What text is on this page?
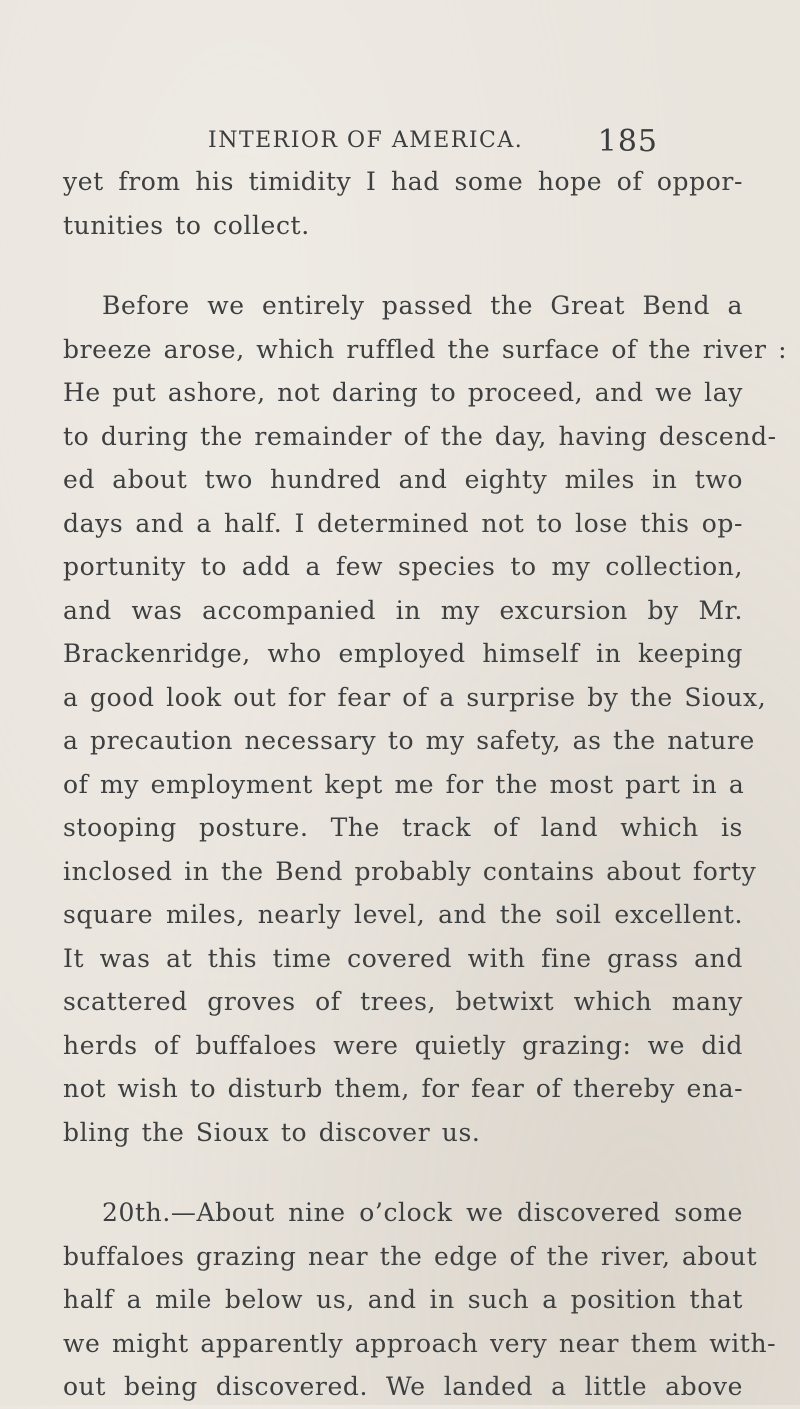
INTERIOR OF AMERICA. 185
yet from his timidity I had some hope of oppor-
tunities to collect.
Before we entirely passed the Great Bend a
breeze arose, which ruffled the surface of the river :
He put ashore, not daring to proceed, and we lay
to during the remainder of the day, having descend-
ed about two hundred and eighty miles in two
days and a half. I determined not to lose this op-
portunity to add a few species to my collection,
and was accompanied in my excursion by Mr.
Brackenridge, who employed himself in keeping
a good look out for fear of a surprise by the Sioux,
a precaution necessary to my safety, as the nature
of my employment kept me for the most part in a
stooping posture. The track of land which is
inclosed in the Bend probably contains about forty
square miles, nearly level, and the soil excellent.
It was at this time covered with fine grass and
scattered groves of trees, betwixt which many
herds of buffaloes were quietly grazing: we did
not wish to disturb them, for fear of thereby ena-
bling the Sioux to discover us.
20th.—About nine o’clock we discovered some
buffaloes grazing near the edge of the river, about
half a mile below us, and in such a position that
we might apparently approach very near them with-
out being discovered. We landed a little above
